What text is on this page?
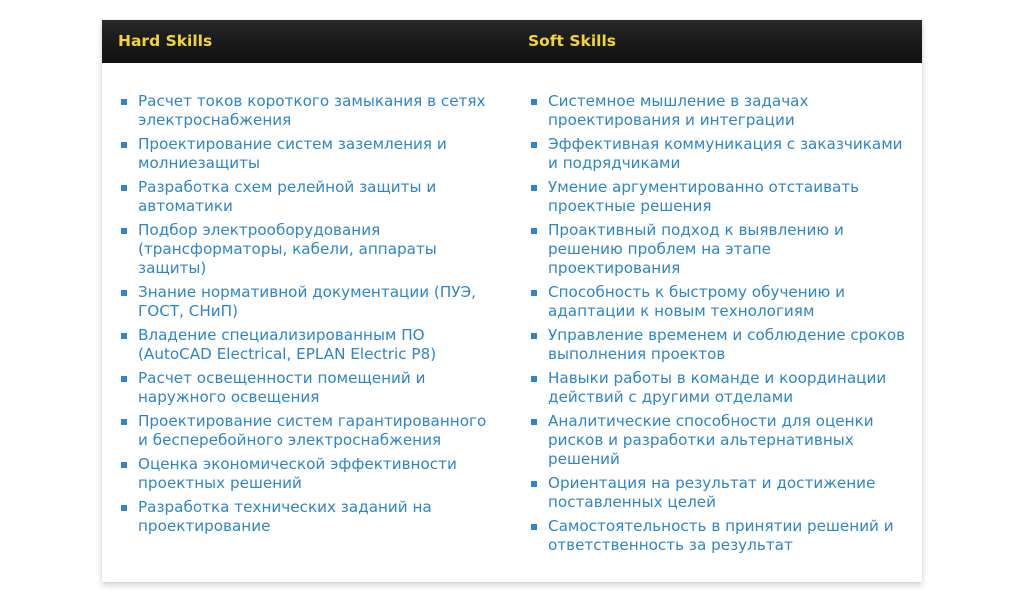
Hard Skills	Soft Skills
Расчет токов короткого замыкания в сетях электроснабжения
Проектирование систем заземления и молниезащиты
Разработка схем релейной защиты и автоматики
Подбор электрооборудования (трансформаторы, кабели, аппараты защиты)
Знание нормативной документации (ПУЭ, ГОСТ, СНиП)
Владение специализированным ПО (AutoCAD Electrical, EPLAN Electric P8)
Расчет освещенности помещений и наружного освещения
Проектирование систем гарантированного и бесперебойного электроснабжения
Оценка экономической эффективности проектных решений
Разработка технических заданий на проектирование
Системное мышление в задачах проектирования и интеграции
Эффективная коммуникация с заказчиками и подрядчиками
Умение аргументированно отстаивать проектные решения
Проактивный подход к выявлению и решению проблем на этапе проектирования
Способность к быстрому обучению и адаптации к новым технологиям
Управление временем и соблюдение сроков выполнения проектов
Навыки работы в команде и координации действий с другими отделами
Аналитические способности для оценки рисков и разработки альтернативных решений
Ориентация на результат и достижение поставленных целей
Самостоятельность в принятии решений и ответственность за результат
